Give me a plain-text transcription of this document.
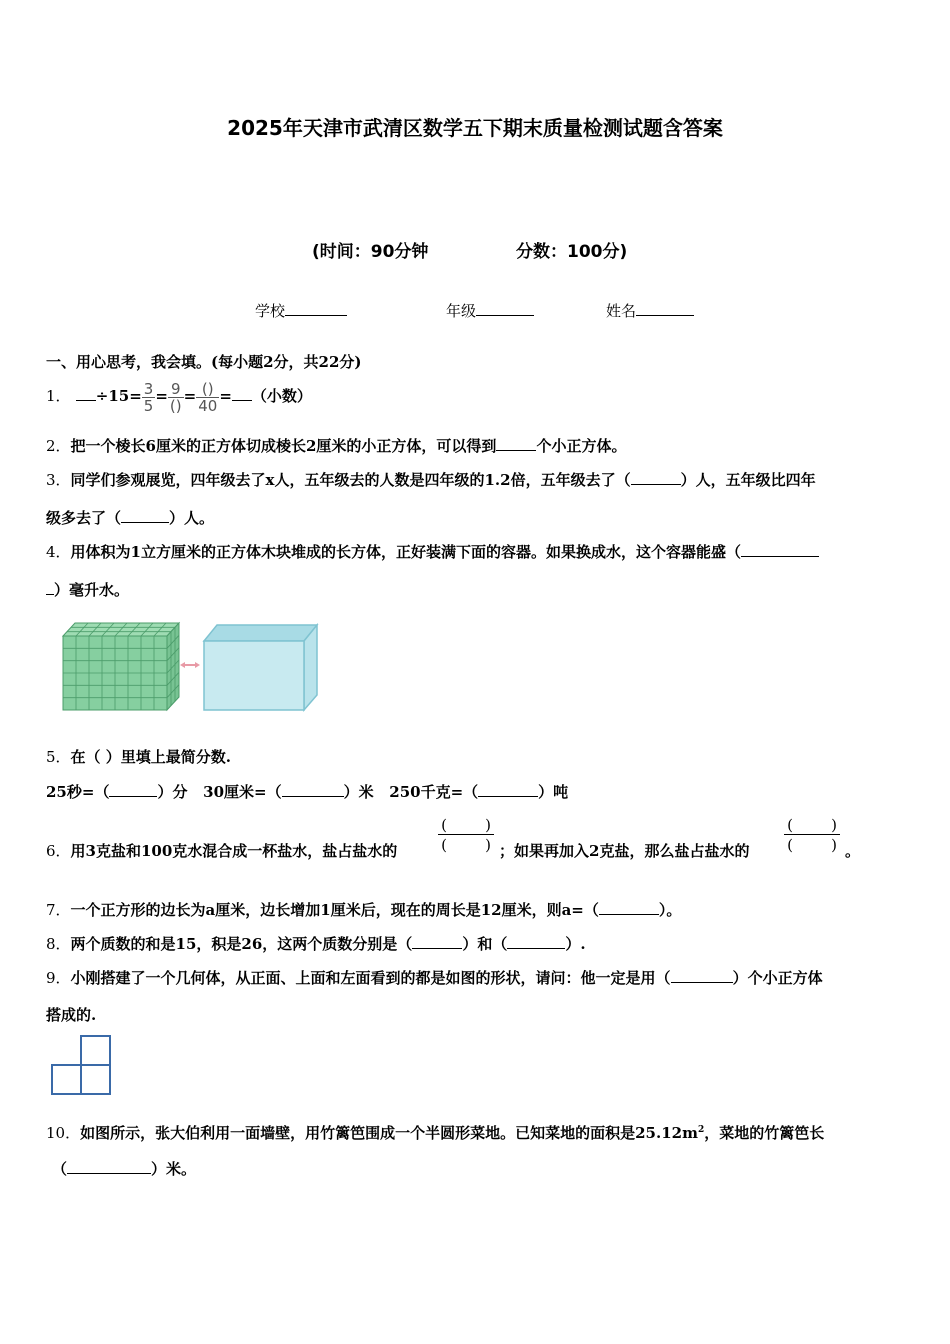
2025年天津市武清区数学五下期末质量检测试题含答案
(时间：90分钟	分数：100分)
学校	年级	姓名
一、用心思考，我会填。(每小题2分，共22分)
1． $\div 15= \frac{3}{5} = \frac{9}{()} = \frac{()}{40}$ = （小数）
2．把一个棱长6厘米的正方体切成棱长2厘米的小正方体，可以得到	个小正方体。
3．同学们参观展览，四年级去了x人，五年级去的人数是四年级的1.2倍，五年级去了（	）人，五年级比四年
级多去了（	）人。
4．用体积为1立方厘米的正方体木块堆成的长方体，正好装满下面的容器。如果换成水，这个容器能盛（
）毫升水。
5．在（ ）里填上最简分数.
25秒=（	）分 30厘米=（	）米 250千克=（	）吨
6．用3克盐和100克水混合成一杯盐水，盐占盐水的
(	)
(	) ；如果再加入2克盐，那么盐占盐水的
(	)
(	) 。
7．一个正方形的边长为a厘米，边长增加1厘米后，现在的周长是12厘米，则a=（	）。
8．两个质数的和是15，积是26，这两个质数分别是（	）和（	）.
9．小刚搭建了一个几何体，从正面、上面和左面看到的都是如图的形状，请问：他一定是用（	）个小正方体
搭成的.
10．如图所示，张大伯利用一面墙壁，用竹篱笆围成一个半圆形菜地。已知菜地的面积是$25.12m^2$，菜地的竹篱笆长
（	）米。
